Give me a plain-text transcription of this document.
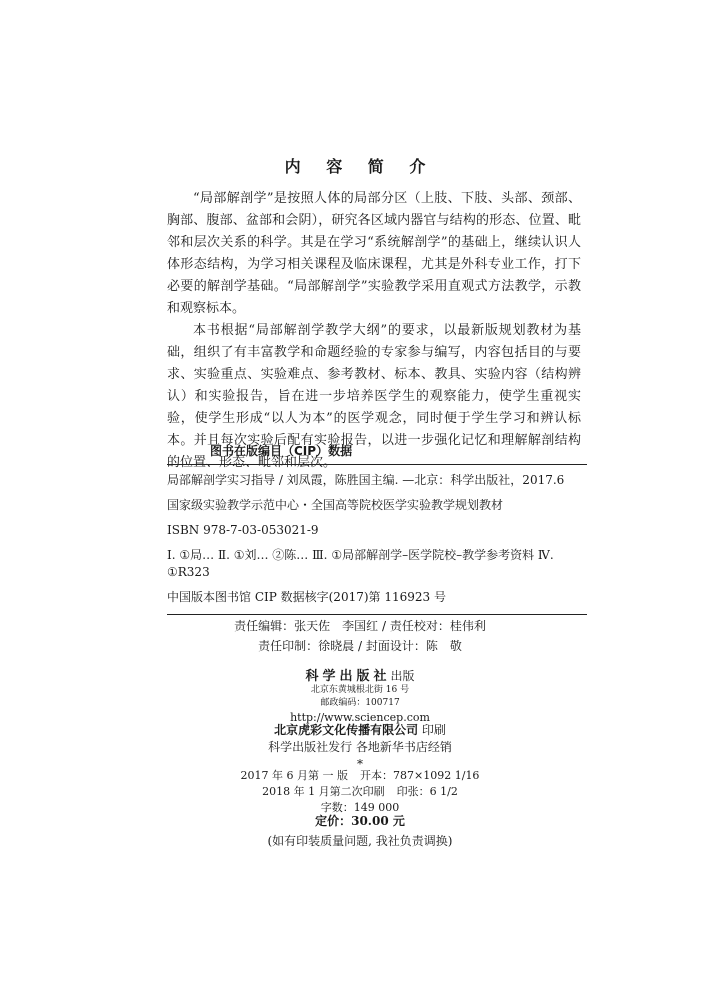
内 容 简 介

“局部解剖学”是按照人体的局部分区（上肢、下肢、头部、颈部、胸部、腹部、盆部和会阴），研究各区域内器官与结构的形态、位置、毗邻和层次关系的科学。其是在学习“系统解剖学”的基础上，继续认识人体形态结构，为学习相关课程及临床课程，尤其是外科专业工作，打下必要的解剖学基础。“局部解剖学”实验教学采用直观式方法教学，示教和观察标本。

本书根据“局部解剖学教学大纲”的要求，以最新版规划教材为基础，组织了有丰富教学和命题经验的专家参与编写，内容包括目的与要求、实验重点、实验难点、参考教材、标本、教具、实验内容（结构辨认）和实验报告，旨在进一步培养医学生的观察能力，使学生重视实验，使学生形成“以人为本”的医学观念，同时便于学生学习和辨认标本。并且每次实验后配有实验报告，以进一步强化记忆和理解解剖结构的位置、形态、毗邻和层次。

图书在版编目（CIP）数据
局部解剖学实习指导 / 刘凤霞，陈胜国主编. —北京：科学出版社，2017.6
国家级实验教学示范中心・全国高等院校医学实验教学规划教材
ISBN 978-7-03-053021-9
Ⅰ. ①局… Ⅱ. ①刘… ②陈… Ⅲ. ①局部解剖学–医学院校–教学参考资料 Ⅳ. ①R323
中国版本图书馆 CIP 数据核字(2017)第 116923 号
责任编辑：张天佐　李国红 / 责任校对：桂伟利
责任印制：徐晓晨 / 封面设计：陈　敬
科学出版社出版
北京东黄城根北街 16 号
邮政编码：100717
http://www.sciencep.com
北京虎彩文化传播有限公司 印刷
科学出版社发行 各地新华书店经销
*
2017 年 6 月第 一 版 开本：787×1092 1/16
2018 年 1 月第二次印刷 印张：6 1/2
字数：149 000
定价：30.00 元
(如有印装质量问题, 我社负责调换)
